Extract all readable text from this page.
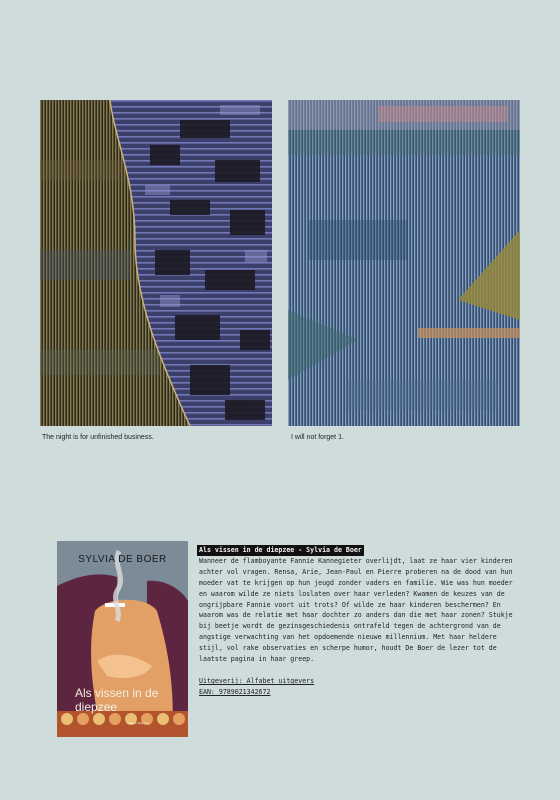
The night is for unfinished business.	I will not forget 1.
SYLVIA DE BOER
Als vissen in de diepzee
Alfabet uitgevers
Als vissen in de diepzee - Sylvia de Boer

Wanneer de flamboyante Fannie Kannegieter overlijdt, laat ze haar vier kinderen achter vol vragen. Rensa, Arie, Jean-Paul en Pierre proberen na de dood van hun moeder vat te krijgen op hun jeugd zonder vaders en familie. Wie was hun moeder en waarom wilde ze niets loslaten over haar verleden? Kwamen de keuzes van de ongrijpbare Fannie voort uit trots? Of wilde ze haar kinderen beschermen? En waarom was de relatie met haar dochter zo anders dan die met haar zonen? Stukje bij beetje wordt de gezinsgeschiedenis ontrafeld tegen de achtergrond van de angstige verwachting van het opdoemende nieuwe millennium. Met haar heldere stijl, vol rake observaties en scherpe humor, houdt De Boer de lezer tot de laatste pagina in haar greep.

Uitgeverij: Alfabet uitgevers
EAN: 9789021342672
